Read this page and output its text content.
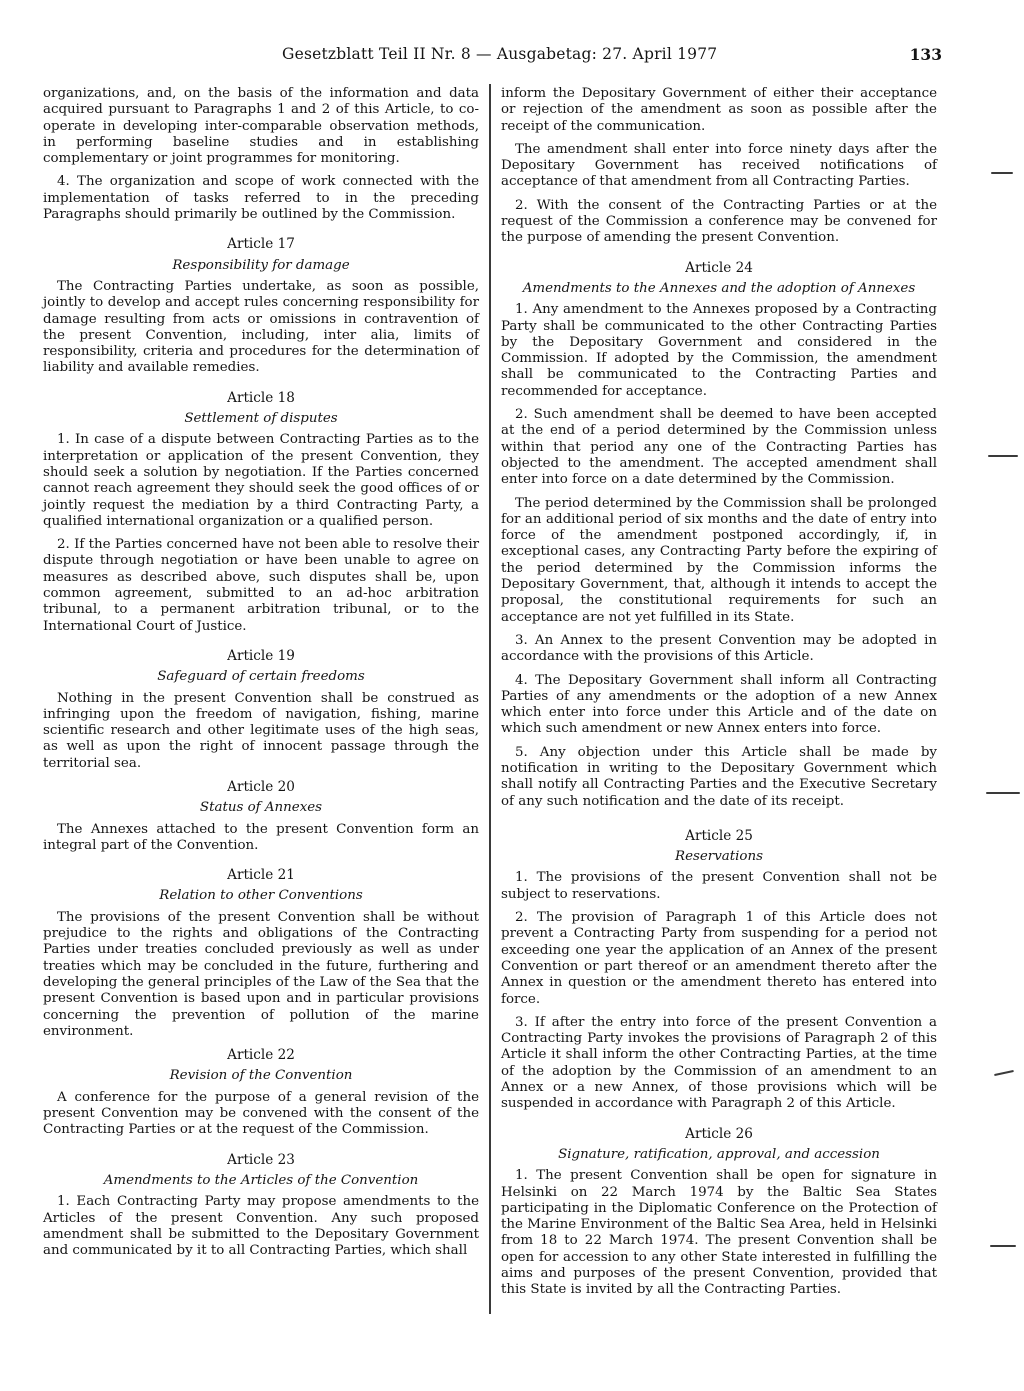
Gesetzblatt Teil II Nr. 8 — Ausgabetag: 27. April 1977	133

organizations, and, on the basis of the information and data acquired pursuant to Paragraphs 1 and 2 of this Article, to co-operate in developing inter-comparable observation methods, in performing baseline studies and in establishing complementary or joint programmes for monitoring.

4. The organization and scope of work connected with the implementation of tasks referred to in the preceding Paragraphs should primarily be outlined by the Commission.

Article 17
Responsibility for damage

The Contracting Parties undertake, as soon as possible, jointly to develop and accept rules concerning responsibility for damage resulting from acts or omissions in contravention of the present Convention, including, inter alia, limits of responsibility, criteria and procedures for the determination of liability and available remedies.

Article 18
Settlement of disputes

1. In case of a dispute between Contracting Parties as to the interpretation or application of the present Convention, they should seek a solution by negotiation. If the Parties concerned cannot reach agreement they should seek the good offices of or jointly request the mediation by a third Contracting Party, a qualified international organization or a qualified person.

2. If the Parties concerned have not been able to resolve their dispute through negotiation or have been unable to agree on measures as described above, such disputes shall be, upon common agreement, submitted to an ad-hoc arbitration tribunal, to a permanent arbitration tribunal, or to the International Court of Justice.

Article 19
Safeguard of certain freedoms

Nothing in the present Convention shall be construed as infringing upon the freedom of navigation, fishing, marine scientific research and other legitimate uses of the high seas, as well as upon the right of innocent passage through the territorial sea.

Article 20
Status of Annexes

The Annexes attached to the present Convention form an integral part of the Convention.

Article 21
Relation to other Conventions

The provisions of the present Convention shall be without prejudice to the rights and obligations of the Contracting Parties under treaties concluded previously as well as under treaties which may be concluded in the future, furthering and developing the general principles of the Law of the Sea that the present Convention is based upon and in particular provisions concerning the prevention of pollution of the marine environment.

Article 22
Revision of the Convention

A conference for the purpose of a general revision of the present Convention may be convened with the consent of the Contracting Parties or at the request of the Commission.

Article 23
Amendments to the Articles of the Convention

1. Each Contracting Party may propose amendments to the Articles of the present Convention. Any such proposed amendment shall be submitted to the Depositary Government and communicated by it to all Contracting Parties, which shall

inform the Depositary Government of either their acceptance or rejection of the amendment as soon as possible after the receipt of the communication.

The amendment shall enter into force ninety days after the Depositary Government has received notifications of acceptance of that amendment from all Contracting Parties.

2. With the consent of the Contracting Parties or at the request of the Commission a conference may be convened for the purpose of amending the present Convention.

Article 24
Amendments to the Annexes and the adoption of Annexes

1. Any amendment to the Annexes proposed by a Contracting Party shall be communicated to the other Contracting Parties by the Depositary Government and considered in the Commission. If adopted by the Commission, the amendment shall be communicated to the Contracting Parties and recommended for acceptance.

2. Such amendment shall be deemed to have been accepted at the end of a period determined by the Commission unless within that period any one of the Contracting Parties has objected to the amendment. The accepted amendment shall enter into force on a date determined by the Commission.

The period determined by the Commission shall be prolonged for an additional period of six months and the date of entry into force of the amendment postponed accordingly, if, in exceptional cases, any Contracting Party before the expiring of the period determined by the Commission informs the Depositary Government, that, although it intends to accept the proposal, the constitutional requirements for such an acceptance are not yet fulfilled in its State.

3. An Annex to the present Convention may be adopted in accordance with the provisions of this Article.

4. The Depositary Government shall inform all Contracting Parties of any amendments or the adoption of a new Annex which enter into force under this Article and of the date on which such amendment or new Annex enters into force.

5. Any objection under this Article shall be made by notification in writing to the Depositary Government which shall notify all Contracting Parties and the Executive Secretary of any such notification and the date of its receipt.

Article 25
Reservations

1. The provisions of the present Convention shall not be subject to reservations.

2. The provision of Paragraph 1 of this Article does not prevent a Contracting Party from suspending for a period not exceeding one year the application of an Annex of the present Convention or part thereof or an amendment thereto after the Annex in question or the amendment thereto has entered into force.

3. If after the entry into force of the present Convention a Contracting Party invokes the provisions of Paragraph 2 of this Article it shall inform the other Contracting Parties, at the time of the adoption by the Commission of an amendment to an Annex or a new Annex, of those provisions which will be suspended in accordance with Paragraph 2 of this Article.

Article 26
Signature, ratification, approval, and accession

1. The present Convention shall be open for signature in Helsinki on 22 March 1974 by the Baltic Sea States participating in the Diplomatic Conference on the Protection of the Marine Environment of the Baltic Sea Area, held in Helsinki from 18 to 22 March 1974. The present Convention shall be open for accession to any other State interested in fulfilling the aims and purposes of the present Convention, provided that this State is invited by all the Contracting Parties.
